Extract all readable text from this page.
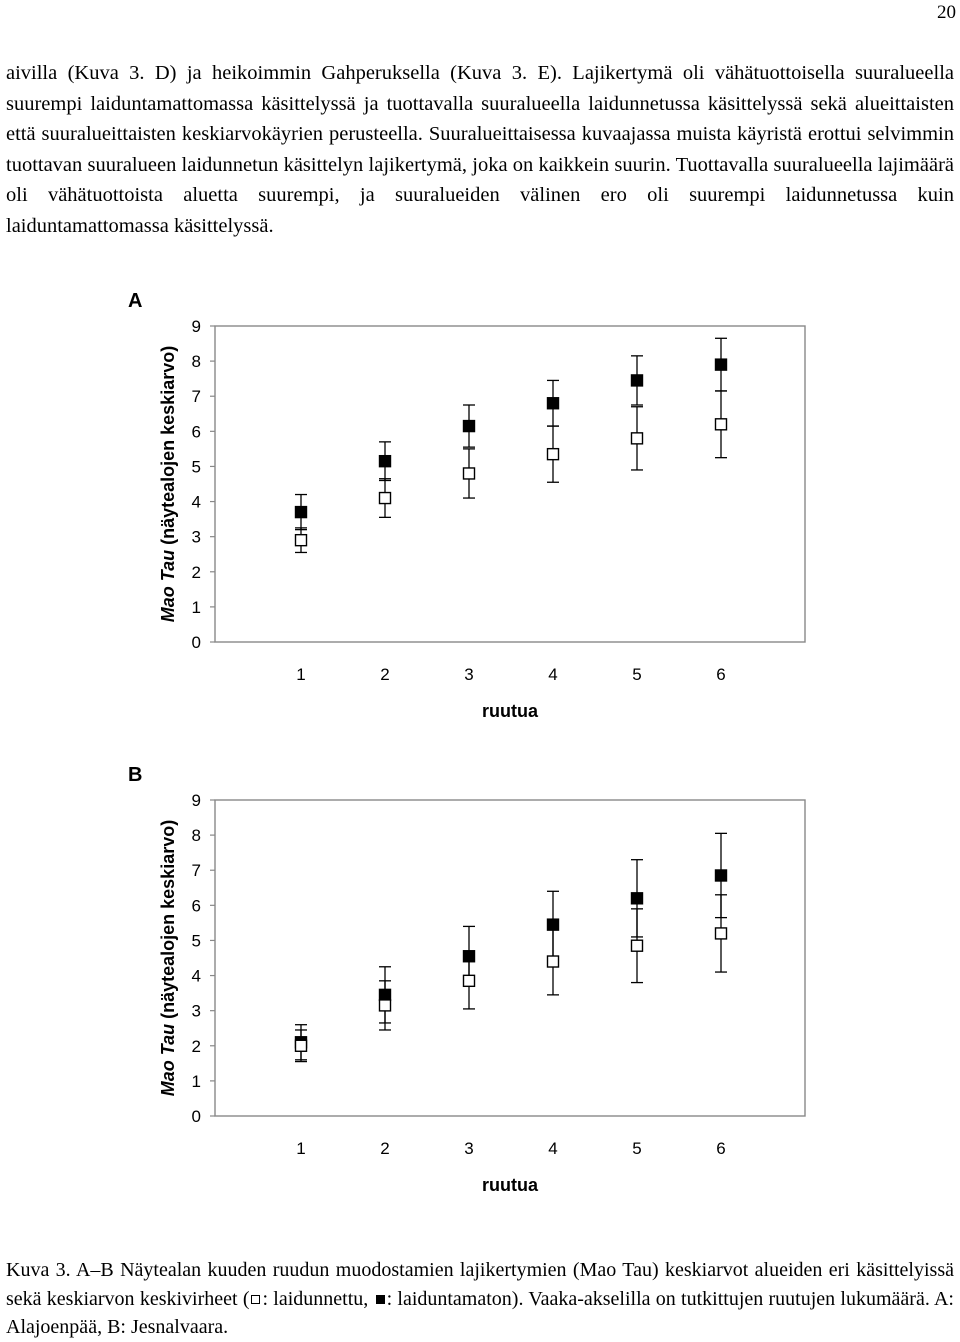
20

aivilla (Kuva 3. D) ja heikoimmin Gahperuksella (Kuva 3. E). Lajikertymä oli vähätuottoisella suuralueella suurempi laiduntamattomassa käsittelyssä ja tuottavalla suuralueella laidunnetussa käsittelyssä sekä alueittaisten että suuralueittaisten keskiarvokäyrien perusteella. Suuralueittaisessa kuvaajassa muista käyristä erottui selvimmin tuottavan suuralueen laidunnetun käsittelyn lajikertymä, joka on kaikkein suurin. Tuottavalla suuralueella lajimäärä oli vähätuottoista aluetta suurempi, ja suuralueiden välinen ero oli suurempi laidunnetussa kuin laiduntamattomassa käsittelyssä.

A
0
1
2
3
4
5
6
7
8
9
1	2	3	4	5	6
ruutua
Mao Tau (näytealojen keskiarvo)
B
0
1
2
3
4
5
6
7
8
9
1	2	3	4	5	6
ruutua
Mao Tau (näytealojen keskiarvo)

Kuva 3. A–B Näytealan kuuden ruudun muodostamien lajikertymien (Mao Tau) keskiarvot alueiden eri käsittelyissä sekä keskiarvon keskivirheet ( : laidunnettu, : laiduntamaton). Vaaka-akselilla on tutkittujen ruutujen lukumäärä. A: Alajoenpää, B: Jesnalvaara.
